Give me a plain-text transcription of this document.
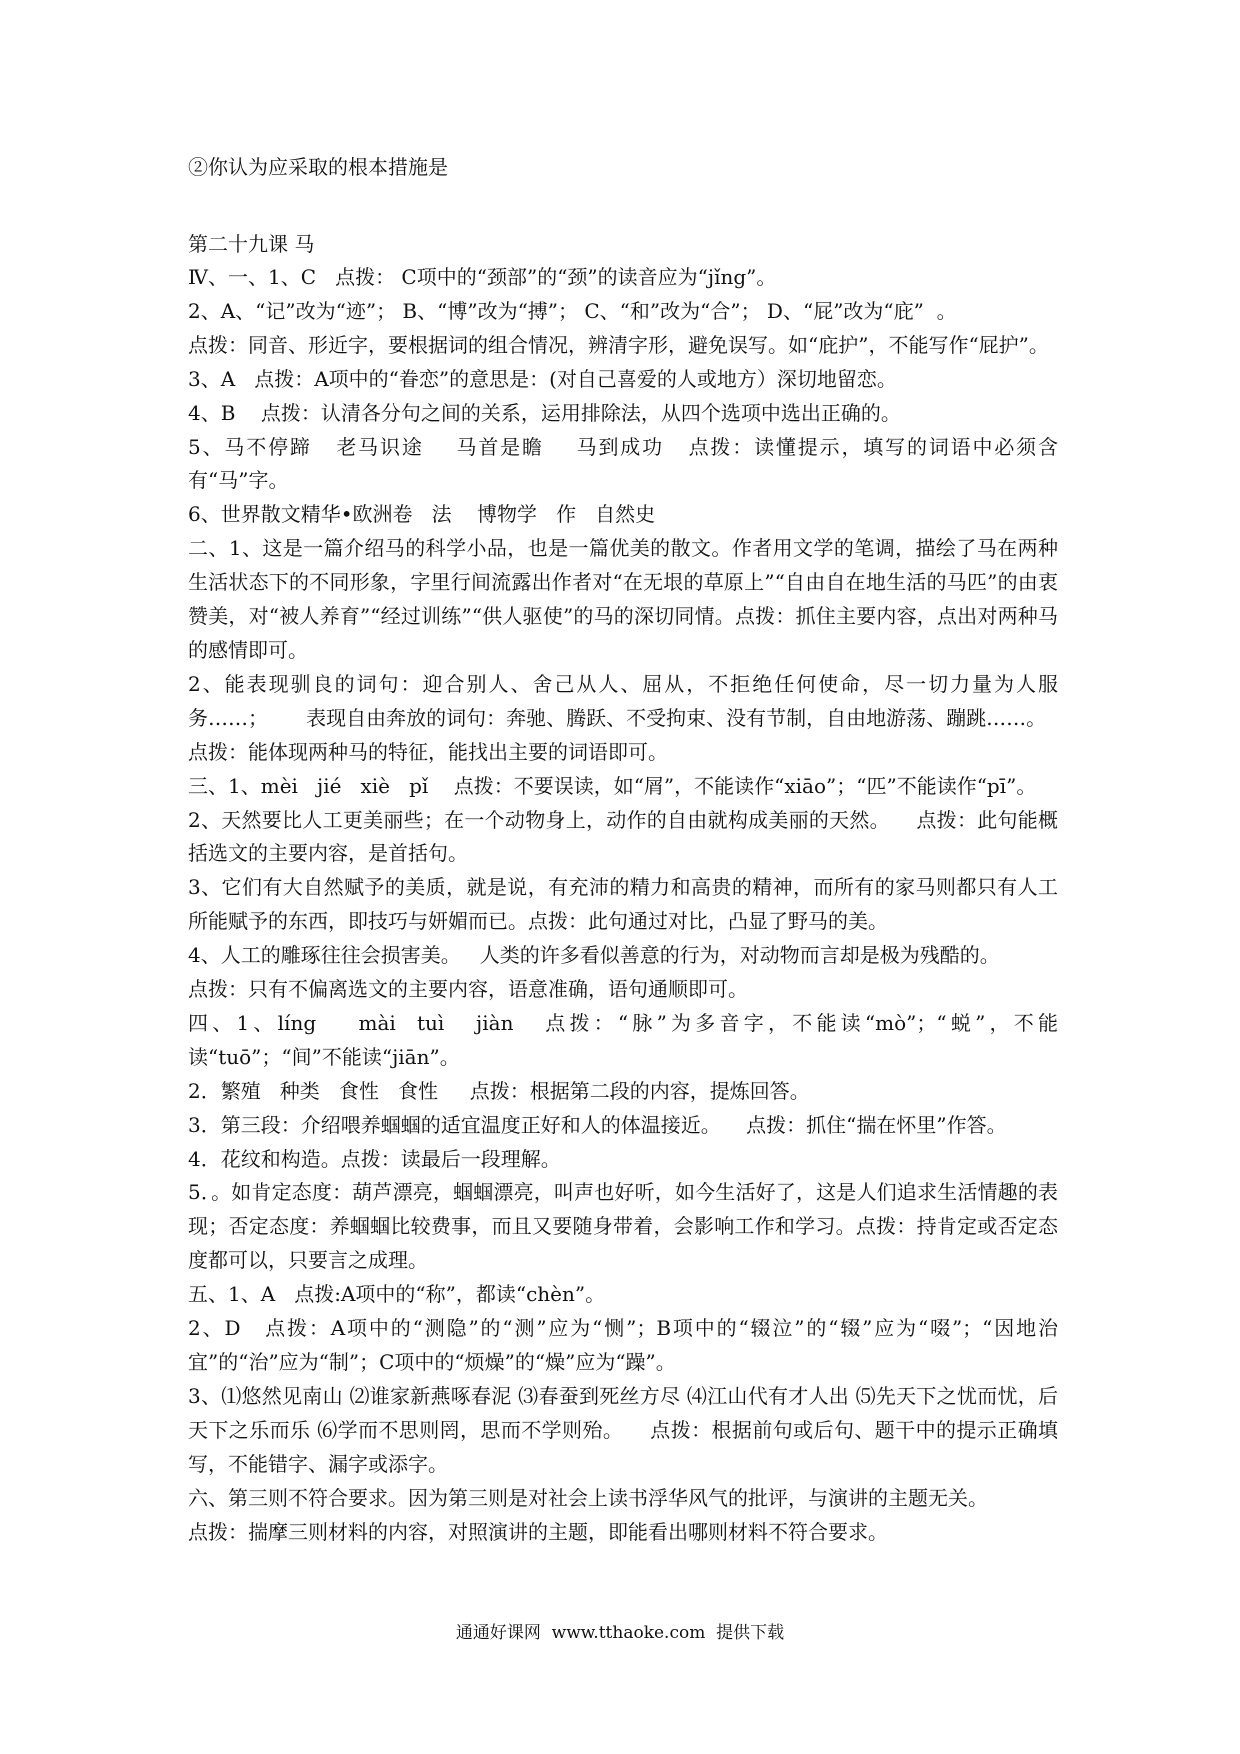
②你认为应采取的根本措施是

第二十九课 马

Ⅳ、一、1、C   点拨： C项中的“颈部”的“颈”的读音应为“jǐng”。

2、A、“记”改为“迹”； B、“博”改为“搏”； C、“和”改为“合”； D、“屁”改为“庇”  。

点拨：同音、形近字，要根据词的组合情况，辨清字形，避免误写。如“庇护”，不能写作“屁护”。

3、A   点拨：A项中的“眷恋”的意思是：(对自己喜爱的人或地方）深切地留恋。

4、B    点拨：认清各分句之间的关系，运用排除法，从四个选项中选出正确的。

5、马不停蹄   老马识途    马首是瞻    马到成功   点拨：读懂提示，填写的词语中必须含有“马”字。

6、世界散文精华•欧洲卷   法    博物学   作   自然史

二、1、这是一篇介绍马的科学小品，也是一篇优美的散文。作者用文学的笔调，描绘了马在两种生活状态下的不同形象，字里行间流露出作者对“在无垠的草原上”“自由自在地生活的马匹”的由衷赞美，对“被人养育”“经过训练”“供人驱使”的马的深切同情。点拨：抓住主要内容，点出对两种马的感情即可。

2、能表现驯良的词句：迎合别人、舍己从人、屈从，不拒绝任何使命，尽一切力量为人服务……；      表现自由奔放的词句：奔驰、腾跃、不受拘束、没有节制，自由地游荡、蹦跳……。

点拨：能体现两种马的特征，能找出主要的词语即可。

三、1、mèi   jié   xiè   pǐ    点拨：不要误读，如“屑”，不能读作“xiāo”；“匹”不能读作“pī”。

2、天然要比人工更美丽些；在一个动物身上，动作的自由就构成美丽的天然。    点拨：此句能概括选文的主要内容，是首括句。

3、它们有大自然赋予的美质，就是说，有充沛的精力和高贵的精神，而所有的家马则都只有人工所能赋予的东西，即技巧与妍媚而已。点拨：此句通过对比，凸显了野马的美。

4、人工的雕琢往往会损害美。   人类的许多看似善意的行为，对动物而言却是极为残酷的。

点拨：只有不偏离选文的主要内容，语意准确，语句通顺即可。

四、1、líng    mài  tuì   jiàn   点拨：“脉”为多音字，不能读“mò”；“蜕”，不能读“tuō”；“间”不能读“jiān”。

2．繁殖   种类   食性   食性     点拨：根据第二段的内容，提炼回答。

3．第三段：介绍喂养蝈蝈的适宜温度正好和人的体温接近。    点拨：抓住“揣在怀里”作答。

4．花纹和构造。点拨：读最后一段理解。

5．。如肯定态度：葫芦漂亮，蝈蝈漂亮，叫声也好听，如今生活好了，这是人们追求生活情趣的表现；否定态度：养蝈蝈比较费事，而且又要随身带着，会影响工作和学习。点拨：持肯定或否定态度都可以，只要言之成理。

五、1、A   点拨:A项中的“称”，都读“chèn”。

2、D   点拨：A项中的“测隐”的“测”应为“恻”；B项中的“辍泣”的“辍”应为“啜”；“因地治宜”的“治”应为“制”；C项中的“烦燥”的“燥”应为“躁”。

3、⑴悠然见南山 ⑵谁家新燕啄春泥 ⑶春蚕到死丝方尽 ⑷江山代有才人出 ⑸先天下之忧而忧，后天下之乐而乐 ⑹学而不思则罔，思而不学则殆。    点拨：根据前句或后句、题干中的提示正确填写，不能错字、漏字或添字。

六、第三则不符合要求。因为第三则是对社会上读书浮华风气的批评，与演讲的主题无关。

点拨：揣摩三则材料的内容，对照演讲的主题，即能看出哪则材料不符合要求。

通通好课网  www.tthaoke.com  提供下载
